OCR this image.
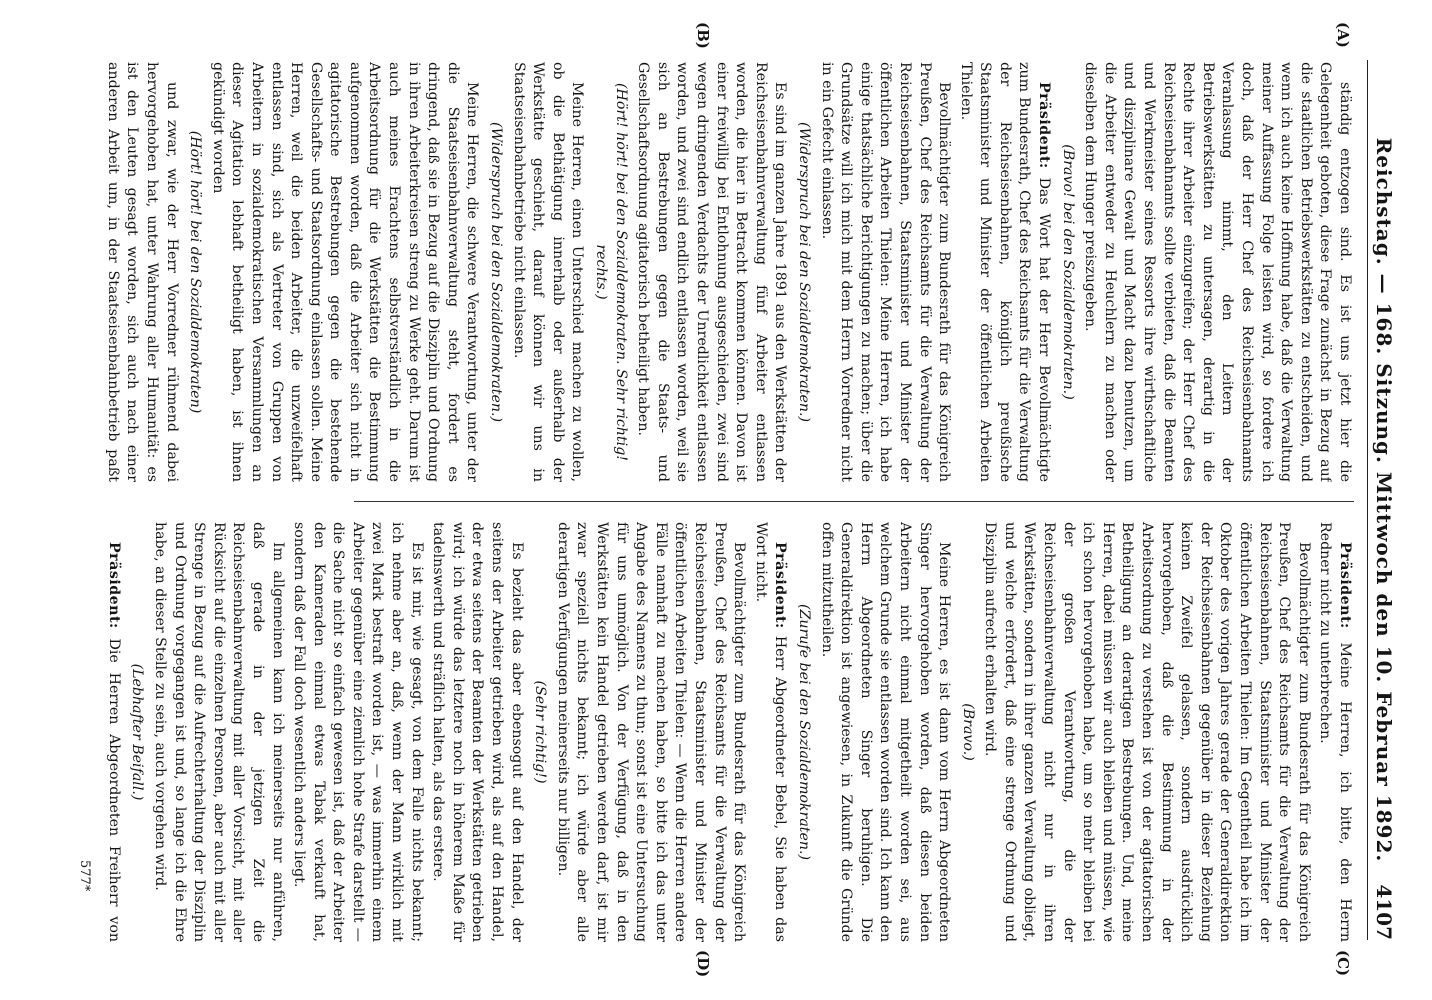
Reichstag. — 168. Sitzung. Mittwoch den 10. Februar 1892.
4107
(A)
(B)
(C)
(D)

ständig entzogen sind. Es ist uns jetzt hier die Gelegenheit geboten, diese Frage zunächst in Bezug auf die staatlichen Betriebswerkstätten zu entscheiden, und wenn ich auch keine Hoffnung habe, daß die Verwaltung meiner Auffassung Folge leisten wird, so fordere ich doch, daß der Herr Chef des Reichseisenbahnamts Veranlassung nimmt, den Leitern der Betriebswerkstätten zu untersagen, derartig in die Rechte ihrer Arbeiter einzugreifen; der Herr Chef des Reichseisenbahnamts sollte verbieten, daß die Beamten und Werkmeister seines Ressorts ihre wirthschaftliche und disziplinare Gewalt und Macht dazu benutzen, um die Arbeiter entweder zu Heuchlern zu machen oder dieselben dem Hunger preiszugeben.

(Bravo! bei den Sozialdemokraten.)

Präsident: Das Wort hat der Herr Bevollmächtigte zum Bundesrath, Chef des Reichsamts für die Verwaltung der Reichseisenbahnen, königlich preußische Staatsminister und Minister der öffentlichen Arbeiten Thielen.

Bevollmächtigter zum Bundesrath für das Königreich Preußen, Chef des Reichsamts für die Verwaltung der Reichseisenbahnen, Staatsminister und Minister der öffentlichen Arbeiten Thielen: Meine Herren, ich habe einige thatsächliche Berichtigungen zu machen; über die Grundsätze will ich mich mit dem Herrn Vorredner nicht in ein Gefecht einlassen.

(Widerspruch bei den Sozialdemokraten.)

Es sind im ganzen Jahre 1891 aus den Werkstätten der Reichseisenbahnverwaltung fünf Arbeiter entlassen worden, die hier in Betracht kommen können. Davon ist einer freiwillig bei Entlohnung ausgeschieden, zwei sind wegen dringenden Verdachts der Unredlichkeit entlassen worden, und zwei sind endlich entlassen worden, weil sie sich an Bestrebungen gegen die Staats- und Gesellschaftsordnung agitatorisch betheiligt haben.

(Hört! hört! bei den Sozialdemokraten. Sehr richtig! rechts.)

Meine Herren, einen Unterschied machen zu wollen, ob die Bethätigung innerhalb oder außerhalb der Werkstätte geschieht, darauf können wir uns in Staatseisenbahnbetriebe nicht einlassen.

(Widerspruch bei den Sozialdemokraten.)

Meine Herren, die schwere Verantwortung, unter der die Staatseisenbahnverwaltung steht, fordert es dringend, daß sie in Bezug auf die Disziplin und Ordnung in ihren Arbeiterkreisen streng zu Werke geht. Darum ist auch meines Erachtens selbstverständlich in die Arbeitsordnung für die Werkstätten die Bestimmung aufgenommen worden, daß die Arbeiter sich nicht in agitatorische Bestrebungen gegen die bestehende Gesellschafts- und Staatsordnung einlassen sollen. Meine Herren, weil die beiden Arbeiter, die unzweifelhaft entlassen sind, sich als Vertreter von Gruppen von Arbeitern in sozialdemokratischen Versammlungen an dieser Agitation lebhaft betheiligt haben, ist ihnen gekündigt worden

(Hört! hört! bei den Sozialdemokraten)

und zwar, wie der Herr Vorredner rühmend dabei hervorgehoben hat, unter Wahrung aller Humanität: es ist den Leuten gesagt worden, sich auch nach einer anderen Arbeit um, in der Staatseisenbahnbetrieb paßt

Präsident: Meine Herren, ich bitte, den Herrn Redner nicht zu unterbrechen.

Bevollmächtigter zum Bundesrath für das Königreich Preußen, Chef des Reichsamts für die Verwaltung der Reichseisenbahnen, Staatsminister und Minister der öffentlichen Arbeiten Thielen: Im Gegentheil habe ich im Oktober des vorigen Jahres gerade der Generaldirektion der Reichseisenbahnen gegenüber in dieser Beziehung keinen Zweifel gelassen, sondern ausdrücklich hervorgehoben, daß die Bestimmung in der Arbeitsordnung zu verstehen ist von der agitatorischen Betheiligung an derartigen Bestrebungen. Und, meine Herren, dabei müssen wir auch bleiben und müssen, wie ich schon hervorgehoben habe, um so mehr bleiben bei der großen Verantwortung, die der Reichseisenbahnverwaltung nicht nur in ihren Werkstätten, sondern in ihrer ganzen Verwaltung obliegt, und welche erfordert, daß eine strenge Ordnung und Disziplin aufrecht erhalten wird.

(Bravo.)

Meine Herren, es ist dann vom Herrn Abgeordneten Singer hervorgehoben worden, daß diesen beiden Arbeitern nicht einmal mitgetheilt worden sei, aus welchem Grunde sie entlassen worden sind. Ich kann den Herrn Abgeordneten Singer beruhigen. Die Generaldirektion ist angewiesen, in Zukunft die Gründe offen mitzutheilen.

(Zurufe bei den Sozialdemokraten.)

Präsident: Herr Abgeordneter Bebel, Sie haben das Wort nicht.

Bevollmächtigter zum Bundesrath für das Königreich Preußen, Chef des Reichsamts für die Verwaltung der Reichseisenbahnen, Staatsminister und Minister der öffentlichen Arbeiten Thielen: — Wenn die Herren andere Fälle namhaft zu machen haben, so bitte ich das unter Angabe des Namens zu thun; sonst ist eine Untersuchung für uns unmöglich. Von der Verfügung, daß in den Werkstätten kein Handel getrieben werden darf, ist mir zwar speziell nichts bekannt; ich würde aber alle derartigen Verfügungen meinerseits nur billigen.

(Sehr richtig!)

Es bezieht das aber ebensogut auf den Handel, der seitens der Arbeiter getrieben wird, als auf den Handel, der etwa seitens der Beamten der Werkstätten getrieben wird; ich würde das letztere noch in höherem Maße für tadelnswerth und sträflich halten, als das erstere.

Es ist mir, wie gesagt, von dem Falle nichts bekannt; ich nehme aber an, daß, wenn der Mann wirklich mit zwei Mark bestraft worden ist, — was immerhin einem Arbeiter gegenüber eine ziemlich hohe Strafe darstellt — die Sache nicht so einfach gewesen ist, daß der Arbeiter den Kameraden einmal etwas Tabak verkauft hat, sondern daß der Fall doch wesentlich anders liegt.

Im allgemeinen kann ich meinerseits nur anführen, daß gerade in der jetzigen Zeit die Reichseisenbahnverwaltung mit aller Vorsicht, mit aller Rücksicht auf die einzelnen Personen, aber auch mit aller Strenge in Bezug auf die Aufrechterhaltung der Disziplin und Ordnung vorgegangen ist und, so lange ich die Ehre habe, an dieser Stelle zu sein, auch vorgehen wird.

(Lebhafter Beifall.)

Präsident: Die Herren Abgeordneten Freiherr von

577*
